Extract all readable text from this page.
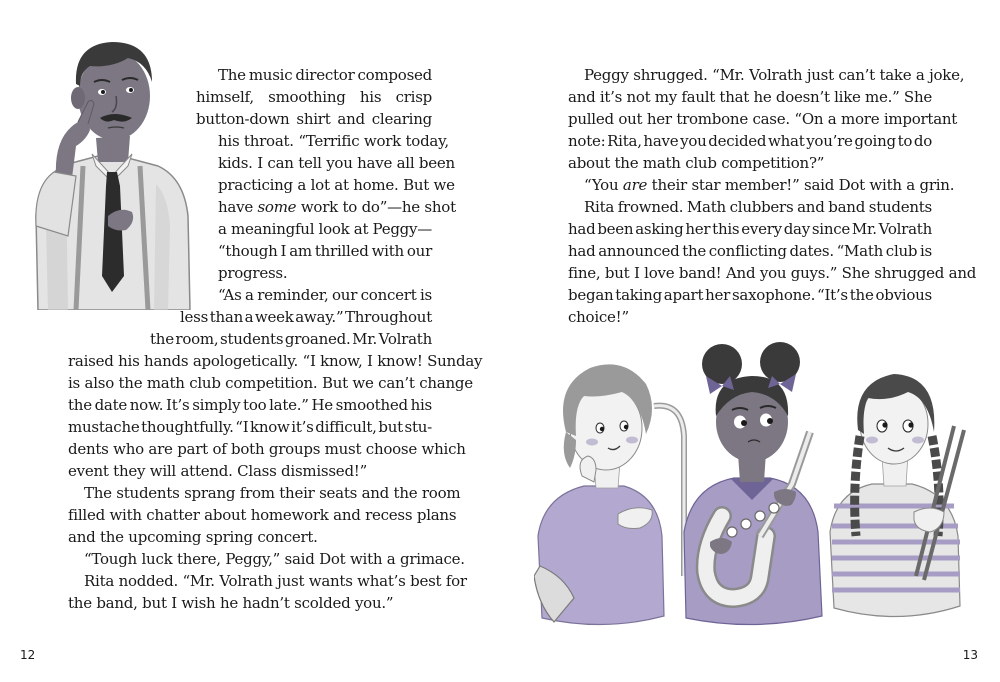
The music director composed
himself, smoothing his crisp
button-down shirt and clearing
his throat. “Terrific work today,
kids. I can tell you have all been
practicing a lot at home. But we
have some work to do”—he shot
a meaningful look at Peggy—
“though I am thrilled with our
progress.
“As a reminder, our concert is
less than a week away.” Throughout
the room, students groaned. Mr. Volrath
raised his hands apologetically. “I know, I know! Sunday
is also the math club competition. But we can’t change
the date now. It’s simply too late.” He smoothed his
mustache thoughtfully. “I know it’s difficult, but stu-
dents who are part of both groups must choose which
event they will attend. Class dismissed!”
The students sprang from their seats and the room
filled with chatter about homework and recess plans
and the upcoming spring concert.
“Tough luck there, Peggy,” said Dot with a grimace.
Rita nodded. “Mr. Volrath just wants what’s best for
the band, but I wish he hadn’t scolded you.”
12
Peggy shrugged. “Mr. Volrath just can’t take a joke,
and it’s not my fault that he doesn’t like me.” She
pulled out her trombone case. “On a more important
note: Rita, have you decided what you’re going to do
about the math club competition?”
“You are their star member!” said Dot with a grin.
Rita frowned. Math clubbers and band students
had been asking her this every day since Mr. Volrath
had announced the conflicting dates. “Math club is
fine, but I love band! And you guys.” She shrugged and
began taking apart her saxophone. “It’s the obvious
choice!”
13
